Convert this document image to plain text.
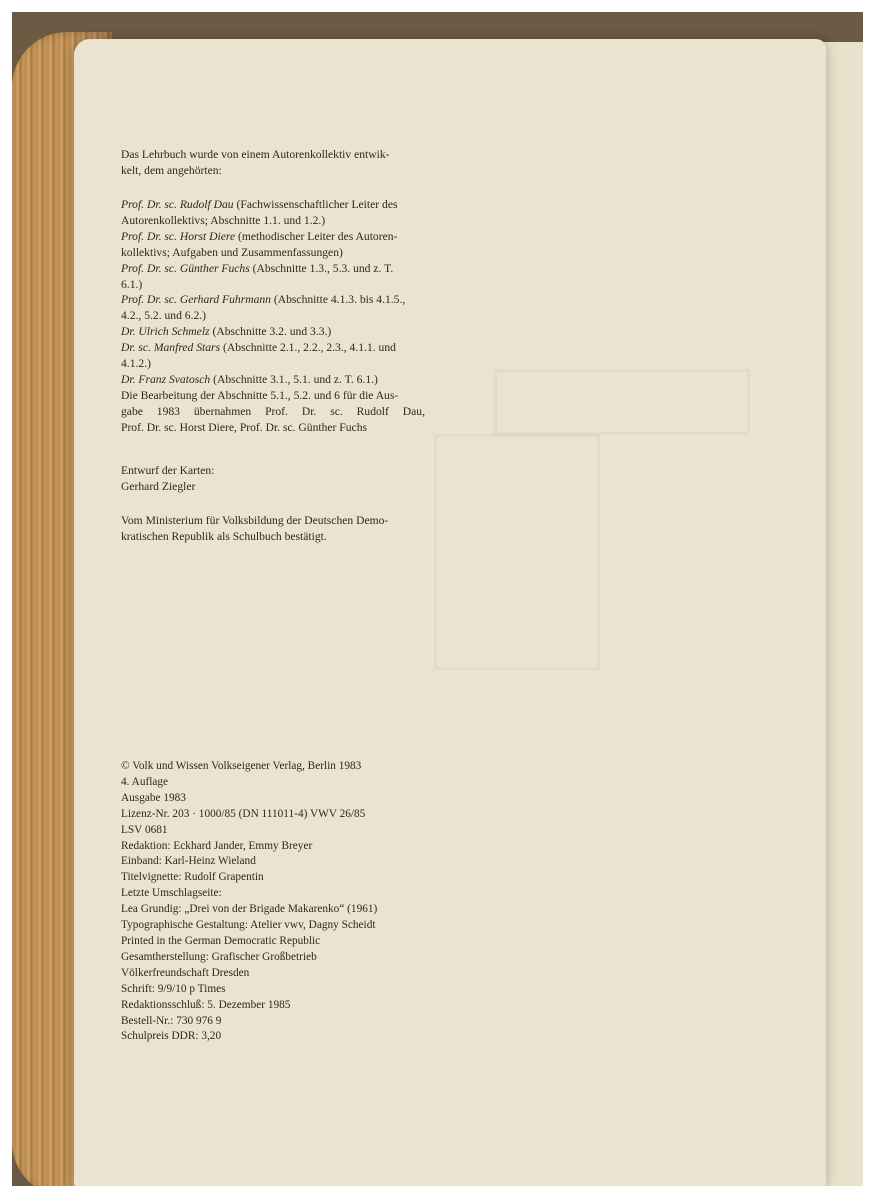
Das Lehrbuch wurde von einem Autorenkollektiv entwik-
kelt, dem angehörten:
Prof. Dr. sc. Rudolf Dau (Fachwissenschaftlicher Leiter des
Autorenkollektivs; Abschnitte 1.1. und 1.2.)
Prof. Dr. sc. Horst Diere (methodischer Leiter des Autoren-
kollektivs; Aufgaben und Zusammenfassungen)
Prof. Dr. sc. Günther Fuchs (Abschnitte 1.3., 5.3. und z. T.
6.1.)
Prof. Dr. sc. Gerhard Fuhrmann (Abschnitte 4.1.3. bis 4.1.5.,
4.2., 5.2. und 6.2.)
Dr. Ulrich Schmelz (Abschnitte 3.2. und 3.3.)
Dr. sc. Manfred Stars (Abschnitte 2.1., 2.2., 2.3., 4.1.1. und
4.1.2.)
Dr. Franz Svatosch (Abschnitte 3.1., 5.1. und z. T. 6.1.)
Die Bearbeitung der Abschnitte 5.1., 5.2. und 6 für die Aus-
gabe 1983 übernahmen Prof. Dr. sc. Rudolf Dau,
Prof. Dr. sc. Horst Diere, Prof. Dr. sc. Günther Fuchs
Entwurf der Karten:
Gerhard Ziegler
Vom Ministerium für Volksbildung der Deutschen Demo-
kratischen Republik als Schulbuch bestätigt.
© Volk und Wissen Volkseigener Verlag, Berlin 1983
4. Auflage
Ausgabe 1983
Lizenz-Nr. 203 · 1000/85 (DN 111011-4) VWV 26/85
LSV 0681
Redaktion: Eckhard Jander, Emmy Breyer
Einband: Karl-Heinz Wieland
Titelvignette: Rudolf Grapentin
Letzte Umschlagseite:
Lea Grundig: „Drei von der Brigade Makarenko“ (1961)
Typographische Gestaltung: Atelier vwv, Dagny Scheidt
Printed in the German Democratic Republic
Gesamtherstellung: Grafischer Großbetrieb
Völkerfreundschaft Dresden
Schrift: 9/9/10 p Times
Redaktionsschluß: 5. Dezember 1985
Bestell-Nr.: 730 976 9
Schulpreis DDR: 3,20
